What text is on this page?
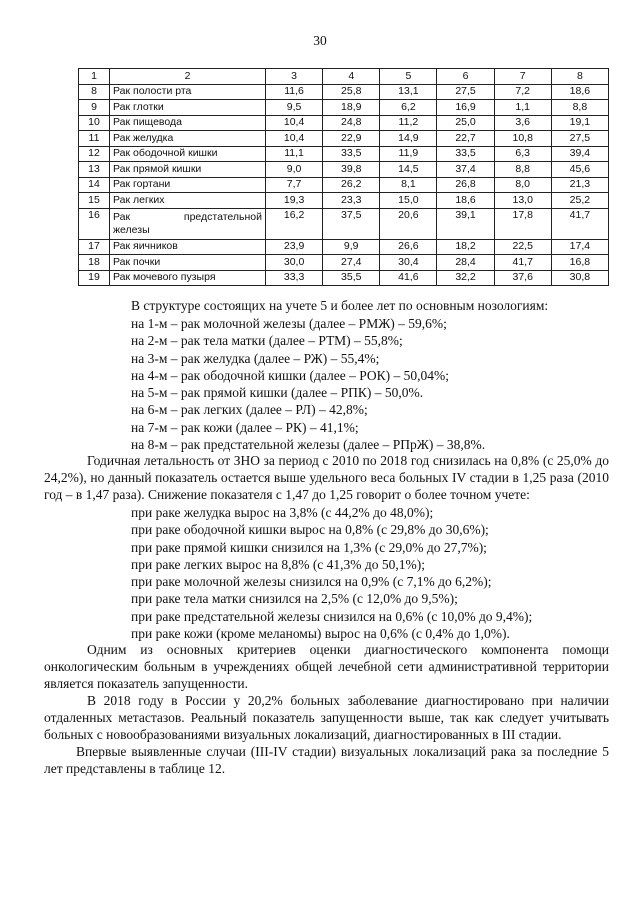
30
1	2	3	4	5	6	7	8
8	Рак полости рта	11,6	25,8	13,1	27,5	7,2	18,6
9	Рак глотки	9,5	18,9	6,2	16,9	1,1	8,8
10	Рак пищевода	10,4	24,8	11,2	25,0	3,6	19,1
11	Рак желудка	10,4	22,9	14,9	22,7	10,8	27,5
12	Рак ободочной кишки	11,1	33,5	11,9	33,5	6,3	39,4
13	Рак прямой кишки	9,0	39,8	14,5	37,4	8,8	45,6
14	Рак гортани	7,7	26,2	8,1	26,8	8,0	21,3
15	Рак легких	19,3	23,3	15,0	18,6	13,0	25,2
16	Рак предстательной
железы	16,2	37,5	20,6	39,1	17,8	41,7
17	Рак яичников	23,9	9,9	26,6	18,2	22,5	17,4
18	Рак почки	30,0	27,4	30,4	28,4	41,7	16,8
19	Рак мочевого пузыря	33,3	35,5	41,6	32,2	37,6	30,8

В структуре состоящих на учете 5 и более лет по основным нозологиям:

на 1-м – рак молочной железы (далее – РМЖ) – 59,6%;
на 2-м – рак тела матки (далее – РТМ) – 55,8%;
на 3-м – рак желудка (далее – РЖ) – 55,4%;
на 4-м – рак ободочной кишки (далее – РОК) – 50,04%;
на 5-м – рак прямой кишки (далее – РПК) – 50,0%.
на 6-м – рак легких (далее – РЛ) – 42,8%;
на 7-м – рак кожи (далее – РК) – 41,1%;
на 8-м – рак предстательной железы (далее – РПрЖ) – 38,8%.

Годичная летальность от ЗНО за период с 2010 по 2018 год снизилась на 0,8% (с 25,0% до 24,2%), но данный показатель остается выше удельного веса больных IV стадии в 1,25 раза (2010 год – в 1,47 раза). Снижение показателя с 1,47 до 1,25 говорит о более точном учете:

при раке желудка вырос на 3,8% (с 44,2% до 48,0%);
при раке ободочной кишки вырос на 0,8% (с 29,8% до 30,6%);
при раке прямой кишки снизился на 1,3% (с 29,0% до 27,7%);
при раке легких вырос на 8,8% (с 41,3% до 50,1%);
при раке молочной железы снизился на 0,9% (с 7,1% до 6,2%);
при раке тела матки снизился на 2,5% (с 12,0% до 9,5%);
при раке предстательной железы снизился на 0,6% (с 10,0% до 9,4%);
при раке кожи (кроме меланомы) вырос на 0,6% (с 0,4% до 1,0%).

Одним из основных критериев оценки диагностического компонента помощи онкологическим больным в учреждениях общей лечебной сети административной территории является показатель запущенности.

В 2018 году в России у 20,2% больных заболевание диагностировано при наличии отдаленных метастазов. Реальный показатель запущенности выше, так как следует учитывать больных с новообразованиями визуальных локализаций, диагностированных в III стадии.

Впервые выявленные случаи (III-IV стадии) визуальных локализаций рака за последние 5 лет представлены в таблице 12.
